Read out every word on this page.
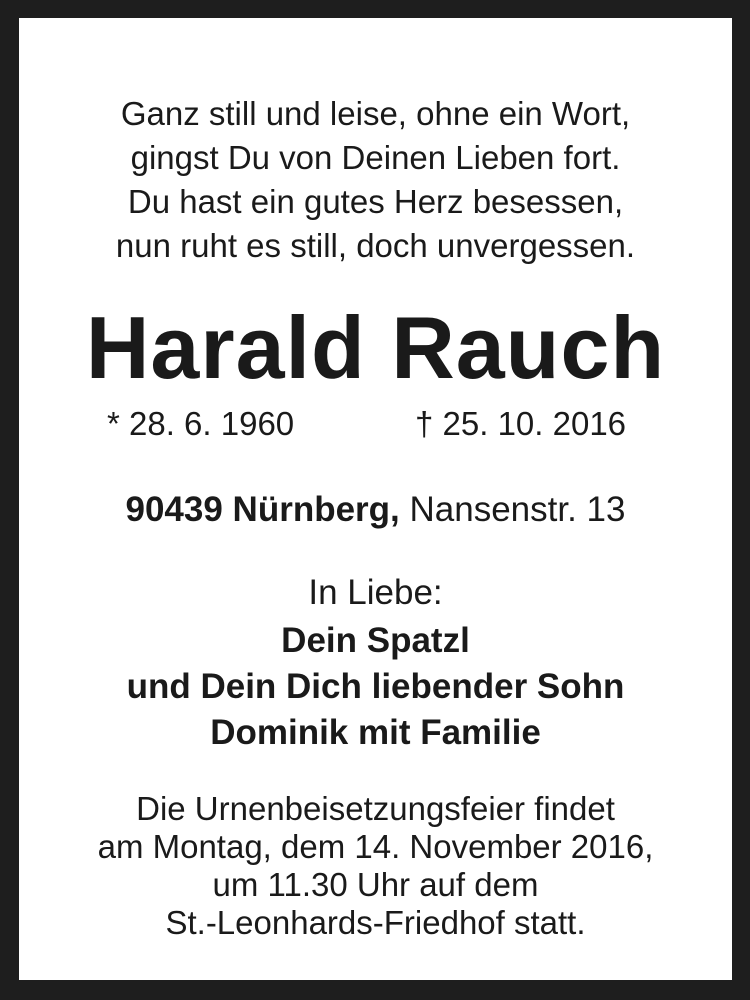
Ganz still und leise, ohne ein Wort,
gingst Du von Deinen Lieben fort.
Du hast ein gutes Herz besessen,
nun ruht es still, doch unvergessen.
Harald Rauch
* 28. 6. 1960	† 25. 10. 2016
90439 Nürnberg, Nansenstr. 13
In Liebe:
Dein Spatzl
und Dein Dich liebender Sohn
Dominik mit Familie
Die Urnenbeisetzungsfeier findet
am Montag, dem 14. November 2016,
um 11.30 Uhr auf dem
St.-Leonhards-Friedhof statt.
